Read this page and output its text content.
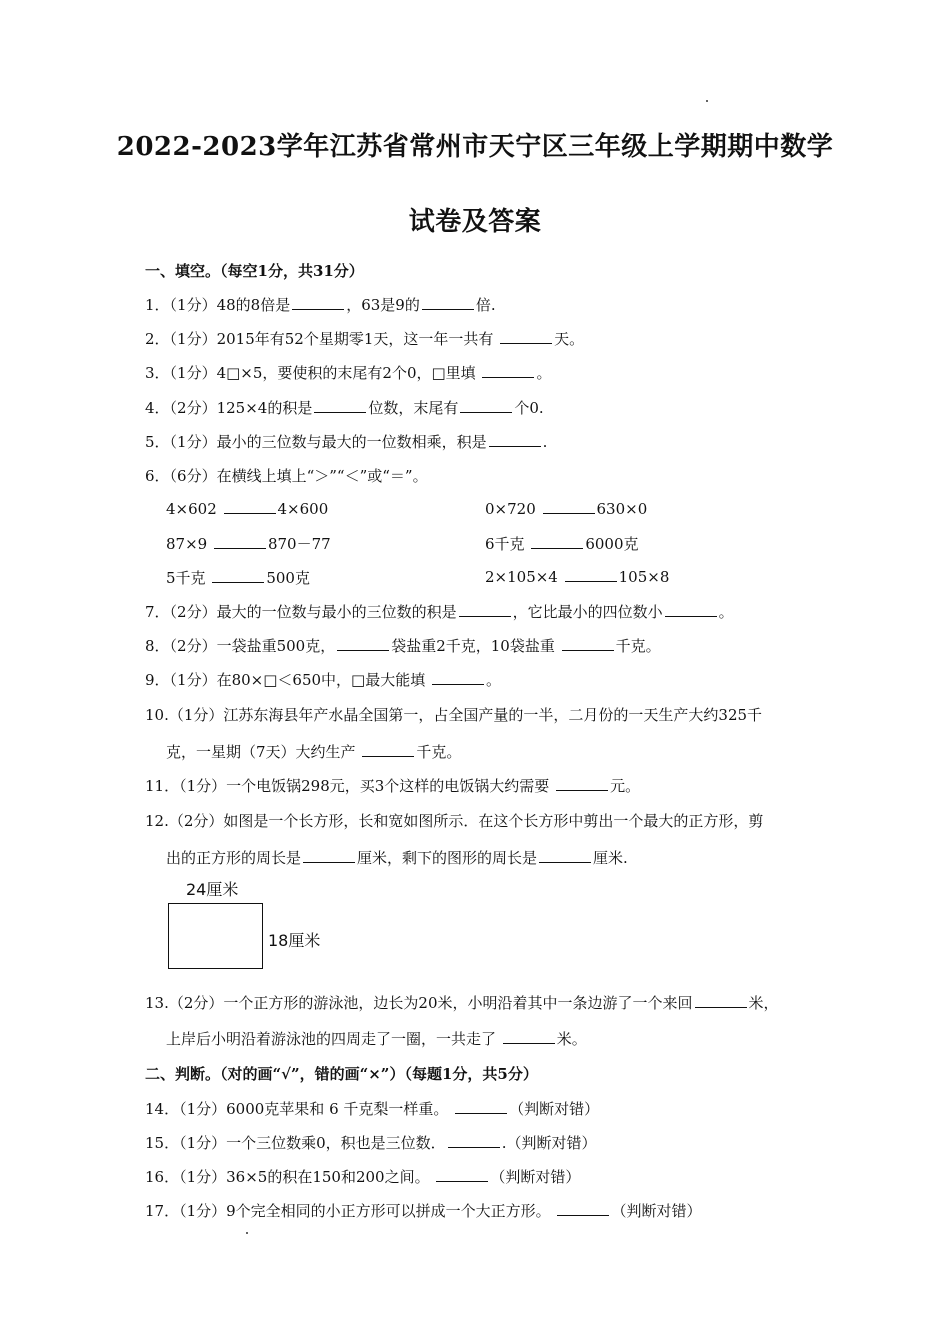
2022-2023学年江苏省常州市天宁区三年级上学期期中数学
试卷及答案
一、填空。（每空1分，共31分）
1．（1分）48的8倍是	，63是9的	倍.
2．（1分）2015年有52个星期零1天，这一年一共有	天。
3．（1分）4□×5，要使积的末尾有2个0，□里填	。
4．（2分）125×4的积是	位数，末尾有	个0.
5．（1分）最小的三位数与最大的一位数相乘，积是	.
6．（6分）在横线上填上“＞”“＜”或“＝”。
4×602	4×600	0×720	630×0
87×9	870－77	6千克	6000克
5千克	500克	2×105×4	105×8
7．（2分）最大的一位数与最小的三位数的积是	，它比最小的四位数小	。
8．（2分）一袋盐重500克，	袋盐重2千克，10袋盐重	千克。
9．（1分）在80×□＜650中，□最大能填	。
10.（1分）江苏东海县年产水晶全国第一，占全国产量的一半，二月份的一天生产大约325千
克，一星期（7天）大约生产	千克。
11．（1分）一个电饭锅298元，买3个这样的电饭锅大约需要	元。
12.（2分）如图是一个长方形，长和宽如图所示．在这个长方形中剪出一个最大的正方形，剪
出的正方形的周长是	厘米，剩下的图形的周长是	厘米.
24厘米
18厘米
13.（2分）一个正方形的游泳池，边长为20米，小明沿着其中一条边游了一个来回	米，
上岸后小明沿着游泳池的四周走了一圈，一共走了	米。
二、判断。（对的画“√”，错的画“×”）（每题1分，共5分）
14．（1分）6000克苹果和 6 千克梨一样重。	（判断对错）
15．（1分）一个三位数乘0，积也是三位数．	.（判断对错）
16．（1分）36×5的积在150和200之间。	（判断对错）
17．（1分）9个完全相同的小正方形可以拼成一个大正方形。	（判断对错）
